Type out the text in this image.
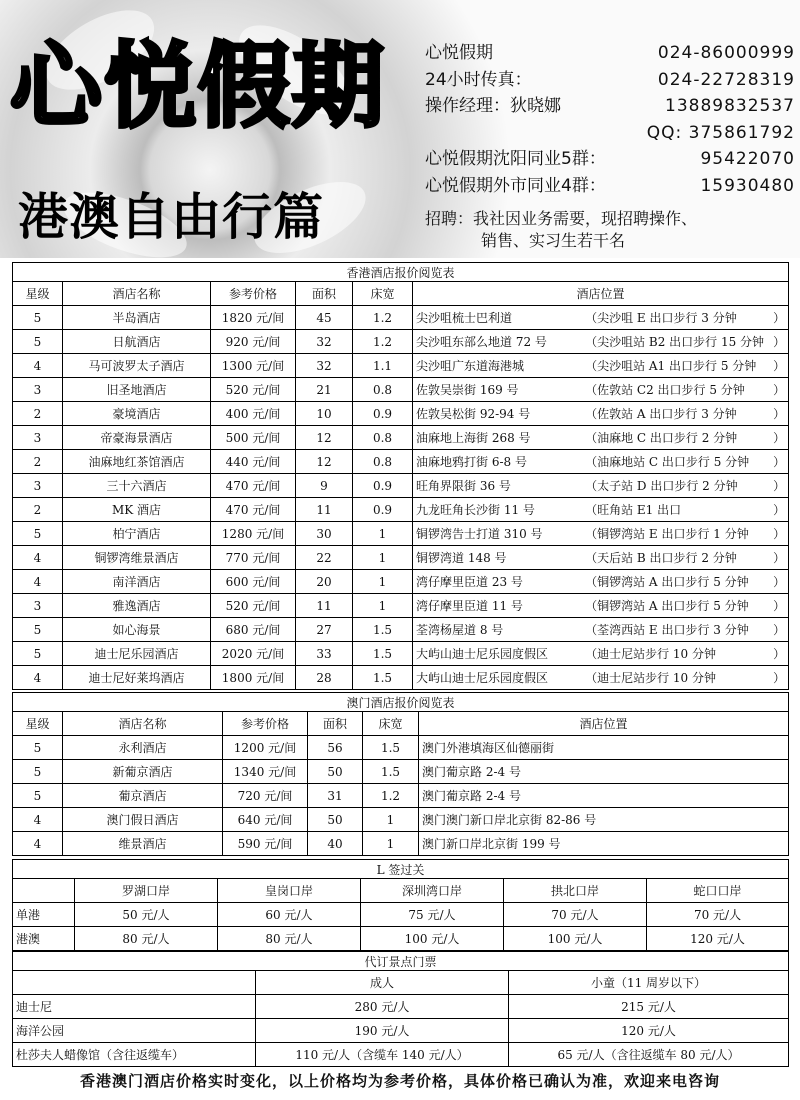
心悦假期
港澳自由行篇
心悦假期	024-86000999
24小时传真：	024-22728319
操作经理：狄晓娜	13889832537
QQ: 375861792
心悦假期沈阳同业5群：	95422070
心悦假期外市同业4群：	15930480
招聘：我社因业务需要，现招聘操作、
销售、实习生若干名
香港酒店报价阅览表					
星级	酒店名称	参考价格	面积	床宽	酒店位置
5	半岛酒店	1820 元/间	45	1.2	尖沙咀梳士巴利道 （尖沙咀 E 出口步行 3 分钟 ）

5	日航酒店	920 元/间	32	1.2	尖沙咀东部么地道 72 号 （尖沙咀站 B2 出口步行 15 分钟 ）

4	马可波罗太子酒店	1300 元/间	32	1.1	尖沙咀广东道海港城 （尖沙咀站 A1 出口步行 5 分钟 ）

3	旧圣地酒店	520 元/间	21	0.8	佐敦吴崇街 169 号 （佐敦站 C2 出口步行 5 分钟 ）

2	豪境酒店	400 元/间	10	0.9	佐敦吴松街 92-94 号 （佐敦站 A 出口步行 3 分钟 ）

3	帝豪海景酒店	500 元/间	12	0.8	油麻地上海街 268 号 （油麻地 C 出口步行 2 分钟 ）

2	油麻地红茶馆酒店	440 元/间	12	0.8	油麻地鸦打街 6-8 号 （油麻地站 C 出口步行 5 分钟 ）

3	三十六酒店	470 元/间	9	0.9	旺角界限街 36 号 （太子站 D 出口步行 2 分钟 ）

2	MK 酒店	470 元/间	11	0.9	九龙旺角长沙街 11 号 （旺角站 E1 出口 ）

5	柏宁酒店	1280 元/间	30	1	铜锣湾告士打道 310 号 （铜锣湾站 E 出口步行 1 分钟 ）

4	铜锣湾维景酒店	770 元/间	22	1	铜锣湾道 148 号 （天后站 B 出口步行 2 分钟 ）

4	南洋酒店	600 元/间	20	1	湾仔摩里臣道 23 号 （铜锣湾站 A 出口步行 5 分钟 ）

3	雅逸酒店	520 元/间	11	1	湾仔摩里臣道 11 号 （铜锣湾站 A 出口步行 5 分钟 ）

5	如心海景	680 元/间	27	1.5	荃湾杨屋道 8 号 （荃湾西站 E 出口步行 3 分钟 ）

5	迪士尼乐园酒店	2020 元/间	33	1.5	大屿山迪士尼乐园度假区 （迪士尼站步行 10 分钟 ）

4	迪士尼好莱坞酒店	1800 元/间	28	1.5	大屿山迪士尼乐园度假区 （迪士尼站步行 10 分钟 ）
澳门酒店报价阅览表					
星级	酒店名称	参考价格	面积	床宽	酒店位置
5	永利酒店	1200 元/间	56	1.5	澳门外港填海区仙德丽街
5	新葡京酒店	1340 元/间	50	1.5	澳门葡京路 2-4 号
5	葡京酒店	720 元/间	31	1.2	澳门葡京路 2-4 号
4	澳门假日酒店	640 元/间	50	1	澳门澳门新口岸北京街 82-86 号
4	维景酒店	590 元/间	40	1	澳门新口岸北京街 199 号
L 签过关					
	罗湖口岸	皇岗口岸	深圳湾口岸	拱北口岸	蛇口口岸
单港	50 元/人	60 元/人	75 元/人	70 元/人	70 元/人
港澳	80 元/人	80 元/人	100 元/人	100 元/人	120 元/人
代订景点门票		
	成人	小童（11 周岁以下）
迪士尼	280 元/人	215 元/人
海洋公园	190 元/人	120 元/人
杜莎夫人蜡像馆（含往返缆车）	110 元/人（含缆车 140 元/人）	65 元/人（含往返缆车 80 元/人）
香港澳门酒店价格实时变化，以上价格均为参考价格，具体价格已确认为准，欢迎来电咨询
